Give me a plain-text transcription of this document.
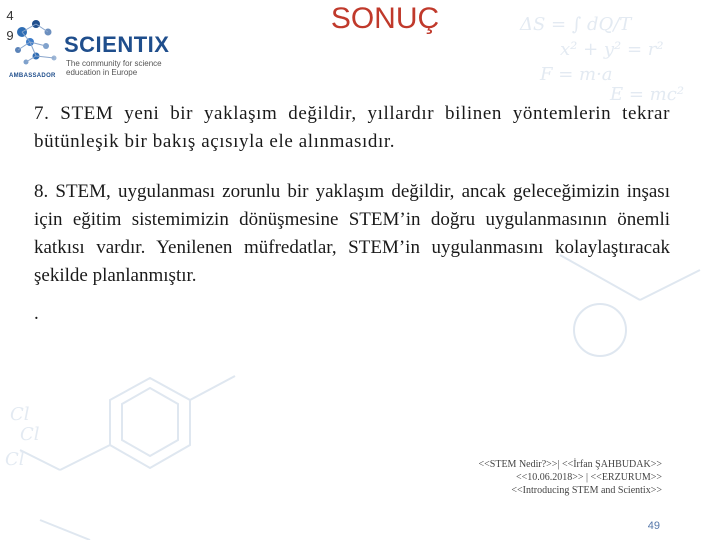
ΔS = ∫ dQ/T
x² + y² = r²
F = m·a
E = mc²
Cl
Cl
Cl
4
9 SCIENTIX
The community for science education in Europe
AMBASSADOR
SONUÇ

7. STEM yeni bir yaklaşım değildir, yıllardır bilinen yöntemlerin tekrar bütünleşik bir bakış açısıyla ele alınmasıdır.

8. STEM, uygulanması zorunlu bir yaklaşım değildir, ancak geleceğimizin inşası için eğitim sistemimizin dönüşmesine STEM’in doğru uygulanmasının önemli katkısı vardır. Yenilenen müfredatlar, STEM’in uygulanmasını kolaylaştıracak şekilde planlanmıştır.

.

<<STEM Nedir?>>| <<İrfan ŞAHBUDAK>>
<<10.06.2018>> | <<ERZURUM>>
<<Introducing STEM and Scientix>>
49
